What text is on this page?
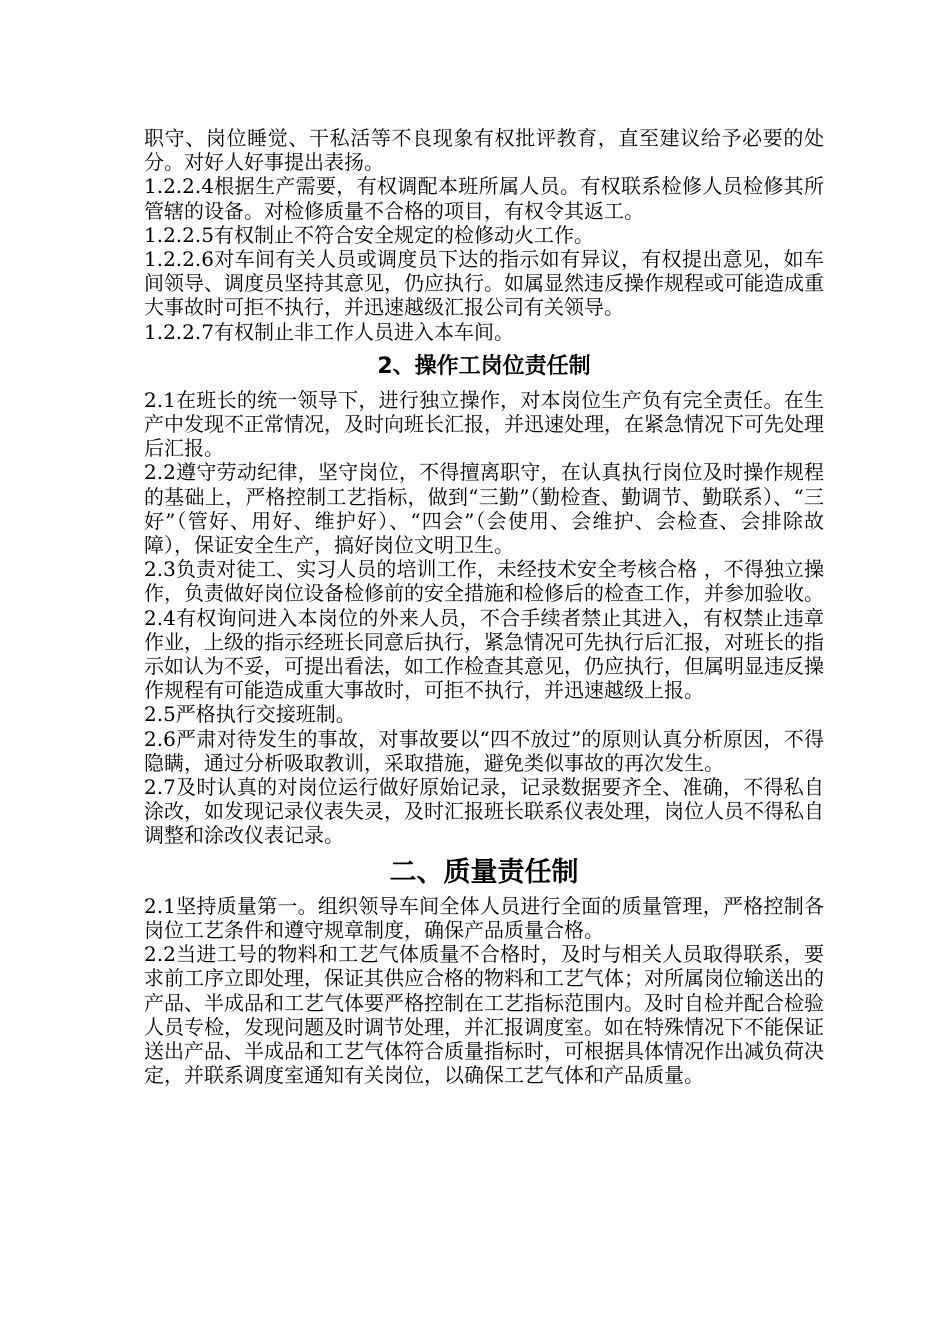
职守、岗位睡觉、干私活等不良现象有权批评教育，直至建议给予必要的处分。对好人好事提出表扬。

1.2.2.4根据生产需要，有权调配本班所属人员。有权联系检修人员检修其所管辖的设备。对检修质量不合格的项目，有权令其返工。

1.2.2.5有权制止不符合安全规定的检修动火工作。

1.2.2.6对车间有关人员或调度员下达的指示如有异议，有权提出意见，如车间领导、调度员坚持其意见，仍应执行。如属显然违反操作规程或可能造成重大事故时可拒不执行，并迅速越级汇报公司有关领导。

1.2.2.7有权制止非工作人员进入本车间。

2、操作工岗位责任制

2.1在班长的统一领导下，进行独立操作，对本岗位生产负有完全责任。在生产中发现不正常情况，及时向班长汇报，并迅速处理，在紧急情况下可先处理后汇报。

2.2遵守劳动纪律，坚守岗位，不得擅离职守，在认真执行岗位及时操作规程的基础上，严格控制工艺指标，做到“三勤”（勤检查、勤调节、勤联系）、“三好”（管好、用好、维护好）、“四会”（会使用、会维护、会检查、会排除故障），保证安全生产，搞好岗位文明卫生。

2.3负责对徒工、实习人员的培训工作，未经技术安全考核合格 ，不得独立操作，负责做好岗位设备检修前的安全措施和检修后的检查工作，并参加验收。

2.4有权询问进入本岗位的外来人员，不合手续者禁止其进入，有权禁止违章作业，上级的指示经班长同意后执行，紧急情况可先执行后汇报，对班长的指示如认为不妥，可提出看法，如工作检查其意见，仍应执行，但属明显违反操作规程有可能造成重大事故时，可拒不执行，并迅速越级上报。

2.5严格执行交接班制。

2.6严肃对待发生的事故，对事故要以“四不放过”的原则认真分析原因，不得隐瞒，通过分析吸取教训，采取措施，避免类似事故的再次发生。

2.7及时认真的对岗位运行做好原始记录，记录数据要齐全、准确，不得私自涂改，如发现记录仪表失灵，及时汇报班长联系仪表处理，岗位人员不得私自调整和涂改仪表记录。

二、质量责任制

2.1坚持质量第一。组织领导车间全体人员进行全面的质量管理，严格控制各岗位工艺条件和遵守规章制度，确保产品质量合格。

2.2当进工号的物料和工艺气体质量不合格时，及时与相关人员取得联系，要求前工序立即处理，保证其供应合格的物料和工艺气体；对所属岗位输送出的产品、半成品和工艺气体要严格控制在工艺指标范围内。及时自检并配合检验人员专检，发现问题及时调节处理，并汇报调度室。如在特殊情况下不能保证送出产品、半成品和工艺气体符合质量指标时，可根据具体情况作出减负荷决定，并联系调度室通知有关岗位，以确保工艺气体和产品质量。
